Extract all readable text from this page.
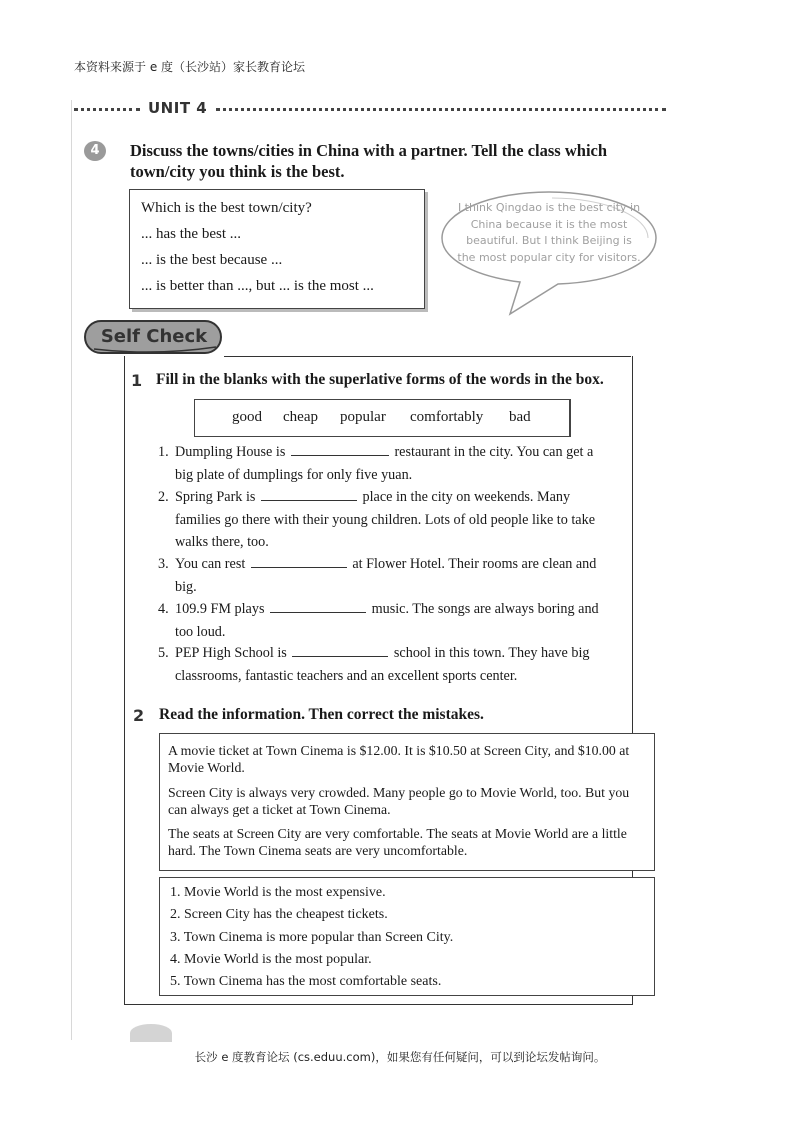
本资料来源于 e 度（长沙站）家长教育论坛
UNIT 4
4	Discuss the towns/cities in China with a partner. Tell the class which town/city you think is the best.
Which is the best town/city?
... has the best ...
... is the best because ...
... is better than ..., but ... is the most ...
I think Qingdao is the best city in China because it is the most beautiful. But I think Beijing is the most popular city for visitors.
Self Check
1 Fill in the blanks with the superlative forms of the words in the box.
good cheap popular comfortably bad
1. Dumpling House is	restaurant in the city. You can get a
big plate of dumplings for only five yuan.
2. Spring Park is	place in the city on weekends. Many
families go there with their young children. Lots of old people like to take
walks there, too.
3. You can rest	at Flower Hotel. Their rooms are clean and
big.
4. 109.9 FM plays	music. The songs are always boring and
too loud.
5. PEP High School is	school in this town. They have big
classrooms, fantastic teachers and an excellent sports center.
2 Read the information. Then correct the mistakes.
A movie ticket at Town Cinema is $12.00. It is $10.50 at Screen City, and $10.00 at Movie World.
Screen City is always very crowded. Many people go to Movie World, too. But you can always get a ticket at Town Cinema.
The seats at Screen City are very comfortable. The seats at Movie World are a little hard. The Town Cinema seats are very uncomfortable.
1. Movie World is the most expensive.
2. Screen City has the cheapest tickets.
3. Town Cinema is more popular than Screen City.
4. Movie World is the most popular.
5. Town Cinema has the most comfortable seats.
长沙 e 度教育论坛 (cs.eduu.com)，如果您有任何疑问，可以到论坛发帖询问。
